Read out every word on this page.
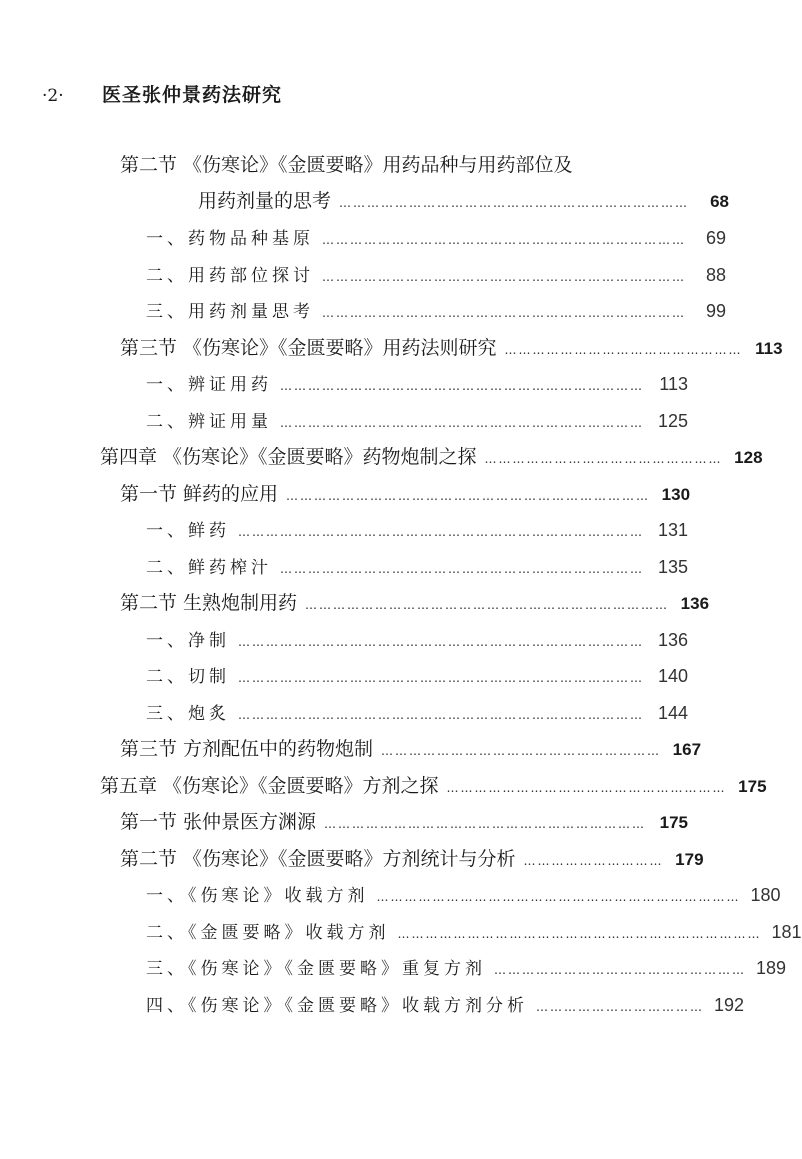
·2·	医圣张仲景药法研究
第二节 《伤寒论》《金匮要略》用药品种与用药部位及
用药剂量的思考 …………………………………………………………………	68
一、药物品种基原 ……………………………………………………………………	69
二、用药部位探讨 ……………………………………………………………………	88
三、用药剂量思考 ……………………………………………………………………	99
第三节 《伤寒论》《金匮要略》用药法则研究 …………………………………………… 113
一、辨证用药 …………………………………………………………………… 113
二、辨证用量 …………………………………………………………………… 125
第四章 《伤寒论》《金匮要略》药物炮制之探 …………………………………………… 128
第一节 鲜药的应用 …………………………………………………………………… 130
一、鲜药 …………………………………………………………………………… 131
二、鲜药榨汁 …………………………………………………………………… 135
第二节 生熟炮制用药 …………………………………………………………………… 136
一、净制 …………………………………………………………………………… 136
二、切制 …………………………………………………………………………… 140
三、炮炙 …………………………………………………………………………… 144
第三节 方剂配伍中的药物炮制 …………………………………………………… 167
第五章 《伤寒论》《金匮要略》方剂之探 …………………………………………………… 175
第一节 张仲景医方渊源 …………………………………………………………… 175
第二节 《伤寒论》《金匮要略》方剂统计与分析 ………………………… 179
一、《伤寒论》收载方剂 …………………………………………………………………… 180
二、《金匮要略》收载方剂 …………………………………………………………………… 181
三、《伤寒论》《金匮要略》重复方剂 ……………………………………………… 189
四、《伤寒论》《金匮要略》收载方剂分析 ……………………………… 192
